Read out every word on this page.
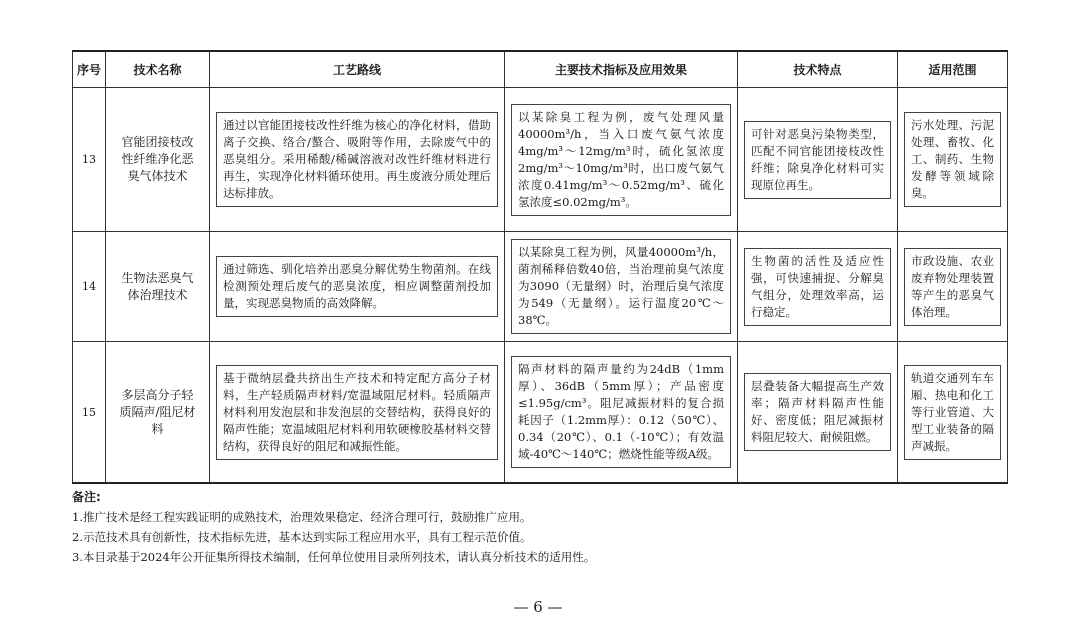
序号	技术名称	工艺路线	主要技术指标及应用效果	技术特点	适用范围
13	官能团接枝改性纤维净化恶臭气体技术	通过以官能团接枝改性纤维为核心的净化材料，借助离子交换、络合/螯合、吸附等作用，去除废气中的恶臭组分。采用稀酸/稀碱溶液对改性纤维材料进行再生，实现净化材料循环使用。再生废液分质处理后达标排放。	以某除臭工程为例，废气处理风量40000m³/h，当入口废气氨气浓度4mg/m³～12mg/m³时，硫化氢浓度2mg/m³～10mg/m³时，出口废气氨气浓度0.41mg/m³～0.52mg/m³、硫化氢浓度≤0.02mg/m³。	可针对恶臭污染物类型，匹配不同官能团接枝改性纤维；除臭净化材料可实现原位再生。	污水处理、污泥处理、畜牧、化工、制药、生物发酵等领域除臭。

14	生物法恶臭气体治理技术	通过筛选、驯化培养出恶臭分解优势生物菌剂。在线检测预处理后废气的恶臭浓度，相应调整菌剂投加量，实现恶臭物质的高效降解。	以某除臭工程为例，风量40000m³/h，菌剂稀释倍数40倍，当治理前臭气浓度为3090（无量纲）时，治理后臭气浓度为549（无量纲）。运行温度20℃～38℃。	生物菌的活性及适应性强，可快速捕捉、分解臭气组分，处理效率高，运行稳定。	市政设施、农业废弃物处理装置等产生的恶臭气体治理。

15	多层高分子轻质隔声/阻尼材料	基于微纳层叠共挤出生产技术和特定配方高分子材料，生产轻质隔声材料/宽温域阻尼材料。轻质隔声材料利用发泡层和非发泡层的交替结构，获得良好的隔声性能；宽温域阻尼材料利用软硬橡胶基材料交替结构，获得良好的阻尼和减振性能。	隔声材料的隔声量约为24dB（1mm厚）、36dB（5mm厚）；产品密度≤1.95g/cm³。阻尼减振材料的复合损耗因子（1.2mm厚）：0.12（50℃）、0.34（20℃）、0.1（-10℃）；有效温域-40℃～140℃；燃烧性能等级A级。	层叠装备大幅提高生产效率；隔声材料隔声性能好、密度低；阻尼减振材料阻尼较大、耐候阻燃。	轨道交通列车车厢、热电和化工等行业管道、大型工业装备的隔声减振。
备注:
1.推广技术是经工程实践证明的成熟技术，治理效果稳定、经济合理可行，鼓励推广应用。
2.示范技术具有创新性，技术指标先进，基本达到实际工程应用水平，具有工程示范价值。
3.本目录基于2024年公开征集所得技术编制，任何单位使用目录所列技术，请认真分析技术的适用性。
— 6 —
